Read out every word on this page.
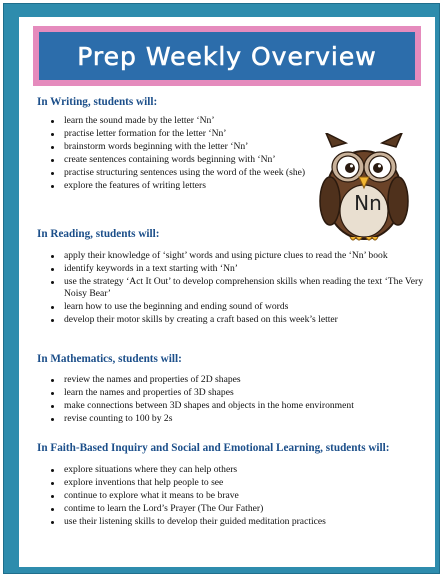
Prep Weekly Overview
Nn
In Writing, students will:
learn the sound made by the letter ‘Nn’
practise letter formation for the letter ‘Nn’
brainstorm words beginning with the letter ‘Nn’
create sentences containing words beginning with ‘Nn’
practise structuring sentences using the word of the week (she)
explore the features of writing letters
In Reading, students will:
apply their knowledge of ‘sight’ words and using picture clues to read the ‘Nn’ book
identify keywords in a text starting with ‘Nn’
use the strategy ‘Act It Out’ to develop comprehension skills when reading the text ‘The Very Noisy Bear’
learn how to use the beginning and ending sound of words
develop their motor skills by creating a craft based on this week’s letter
In Mathematics, students will:
review the names and properties of 2D shapes
learn the names and properties of 3D shapes
make connections between 3D shapes and objects in the home environment
revise counting to 100 by 2s
In Faith-Based Inquiry and Social and Emotional Learning, students will:
explore situations where they can help others
explore inventions that help people to see
continue to explore what it means to be brave
contime to learn the Lord’s Prayer (The Our Father)
use their listening skills to develop their guided meditation practices
